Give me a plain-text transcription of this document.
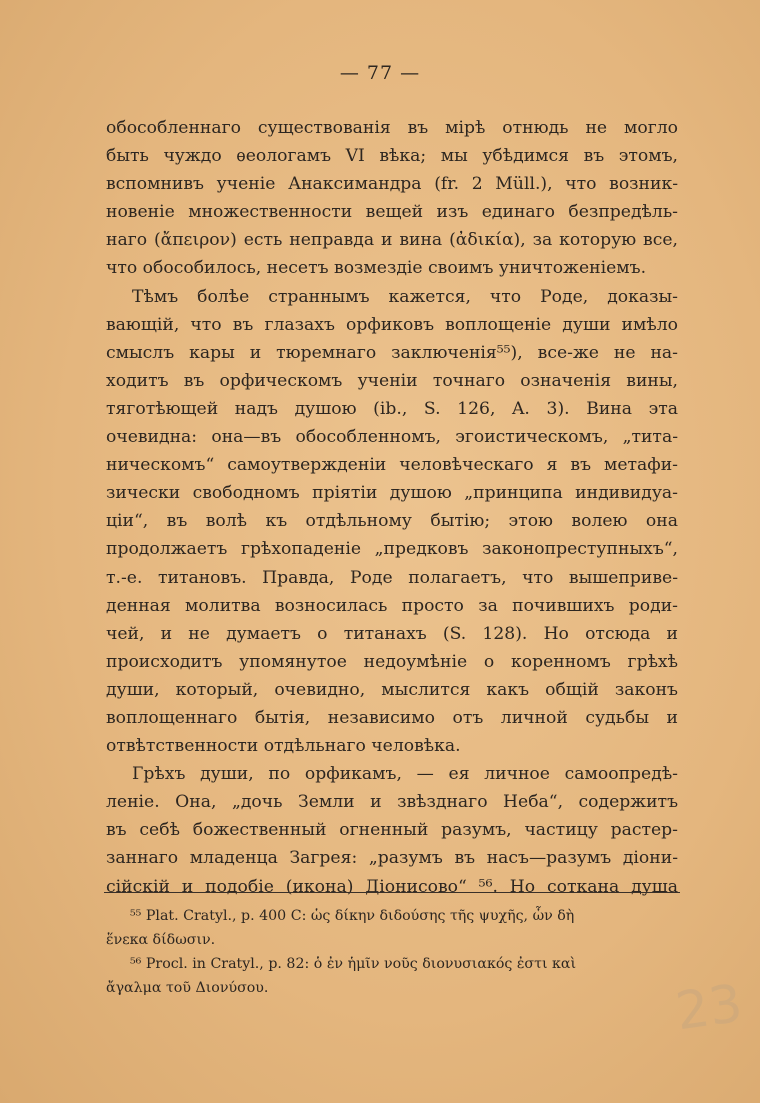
— 77 —
обособленнаго существованія въ мірѣ отнюдь не могло
быть чуждо ѳеологамъ VI вѣка; мы убѣдимся въ этомъ,
вспомнивъ ученіе Анаксимандра (fr. 2 Müll.), что возник-
новеніе множественности вещей изъ единаго безпредѣль-
наго (ἄπειρον) есть неправда и вина (ἀδικία), за которую все,
что обособилось, несетъ возмездіе своимъ уничтоженіемъ.
Тѣмъ болѣе страннымъ кажется, что Роде, доказы-
вающій, что въ глазахъ орфиковъ воплощеніе души имѣло
смыслъ кары и тюремнаго заключенія⁵⁵), все-же не на-
ходитъ въ орфическомъ ученіи точнаго означенія вины,
тяготѣющей надъ душою (ib., S. 126, A. 3). Вина эта
очевидна: она—въ обособленномъ, эгоистическомъ, „тита-
ническомъ“ самоутвержденіи человѣческаго я въ метафи-
зически свободномъ пріятіи душою „принципа индивидуа-
ціи“, въ волѣ къ отдѣльному бытію; этою волею она
продолжаетъ грѣхопаденіе „предковъ законопреступныхъ“,
т.-е. титановъ. Правда, Роде полагаетъ, что вышеприве-
денная молитва возносилась просто за почившихъ роди-
чей, и не думаетъ о титанахъ (S. 128). Но отсюда и
происходитъ упомянутое недоумѣніе о коренномъ грѣхѣ
души, который, очевидно, мыслится какъ общій законъ
воплощеннаго бытія, независимо отъ личной судьбы и
отвѣтственности отдѣльнаго человѣка.
Грѣхъ души, по орфикамъ, — ея личное самоопредѣ-
леніе. Она, „дочь Земли и звѣзднаго Неба“, содержитъ
въ себѣ божественный огненный разумъ, частицу растер-
заннаго младенца Загрея: „разумъ въ насъ—разумъ діони-
сійскій и подобіе (икона) Діонисово“ ⁵⁶. Но соткана душа
⁵⁵ Plat. Cratyl., p. 400 C: ὡς δίκην διδούσης τῆς ψυχῆς, ὧν δὴ
ἕνεκα δίδωσιν.
⁵⁶ Procl. in Cratyl., p. 82: ὁ ἐν ἡμῖν νοῦς διονυσιακός ἐστι καὶ
ἄγαλμα τοῦ Διονύσου.	23
